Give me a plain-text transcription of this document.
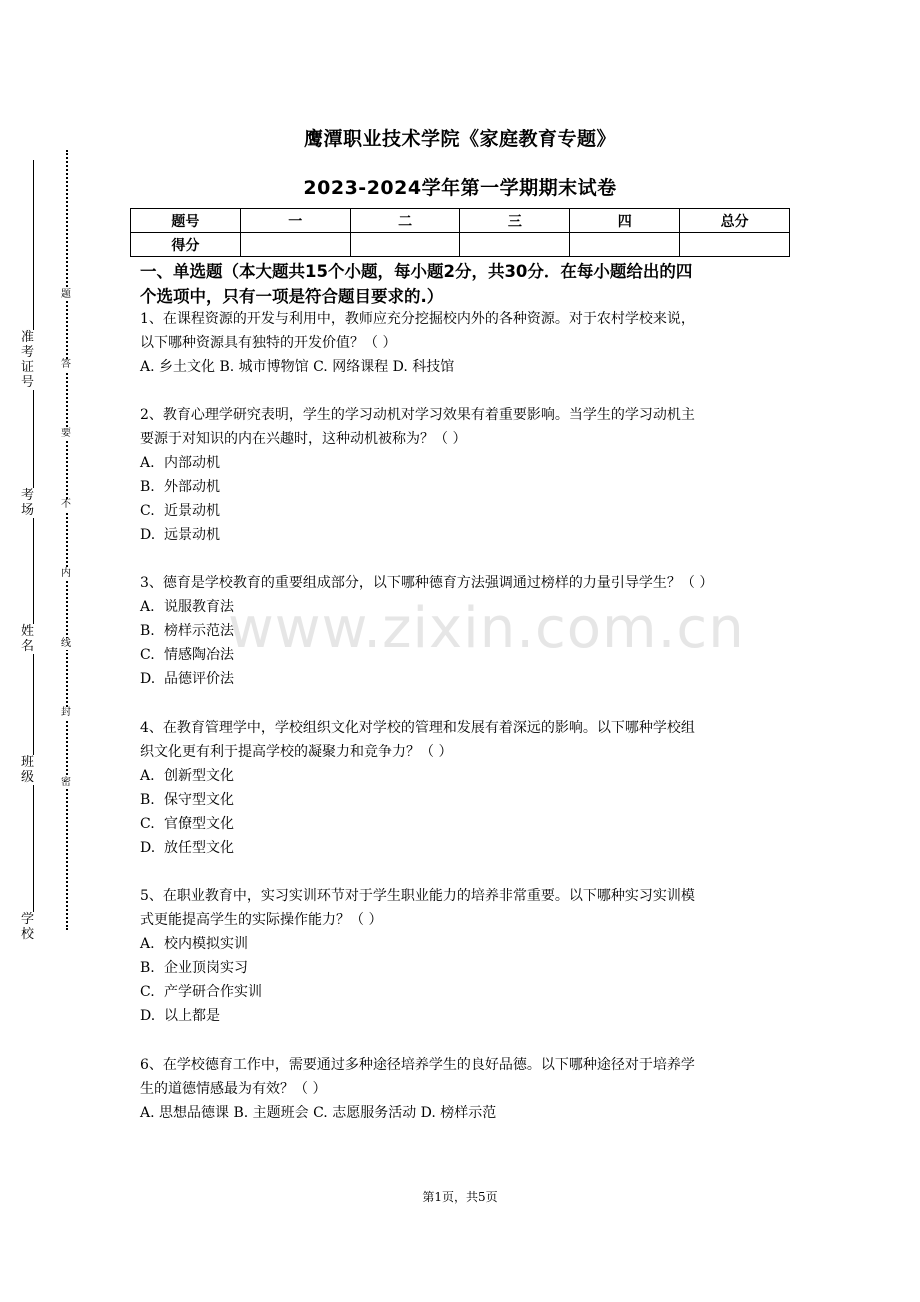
准考证号
考场
姓名
班级
学校
题
答
要
不
内
线
封
密
www.zixin.com.cn
鹰潭职业技术学院《家庭教育专题》
2023-2024学年第一学期期末试卷
题号	一	二	三	四	总分
得分					
一、单选题（本大题共15个小题，每小题2分，共30分．在每小题给出的四
个选项中，只有一项是符合题目要求的.）

1、在课程资源的开发与利用中，教师应充分挖掘校内外的各种资源。对于农村学校来说，

以下哪种资源具有独特的开发价值？（ ）

A. 乡土文化 B. 城市博物馆 C. 网络课程 D. 科技馆

2、教育心理学研究表明，学生的学习动机对学习效果有着重要影响。当学生的学习动机主

要源于对知识的内在兴趣时，这种动机被称为？（ ）

A. 内部动机

B. 外部动机

C. 近景动机

D. 远景动机

3、德育是学校教育的重要组成部分，以下哪种德育方法强调通过榜样的力量引导学生？（ ）

A. 说服教育法

B. 榜样示范法

C. 情感陶冶法

D. 品德评价法

4、在教育管理学中，学校组织文化对学校的管理和发展有着深远的影响。以下哪种学校组

织文化更有利于提高学校的凝聚力和竞争力？（ ）

A. 创新型文化

B. 保守型文化

C. 官僚型文化

D. 放任型文化

5、在职业教育中，实习实训环节对于学生职业能力的培养非常重要。以下哪种实习实训模

式更能提高学生的实际操作能力？（ ）

A. 校内模拟实训

B. 企业顶岗实习

C. 产学研合作实训

D. 以上都是

6、在学校德育工作中，需要通过多种途径培养学生的良好品德。以下哪种途径对于培养学

生的道德情感最为有效？（ ）

A. 思想品德课 B. 主题班会 C. 志愿服务活动 D. 榜样示范

第1页，共5页
